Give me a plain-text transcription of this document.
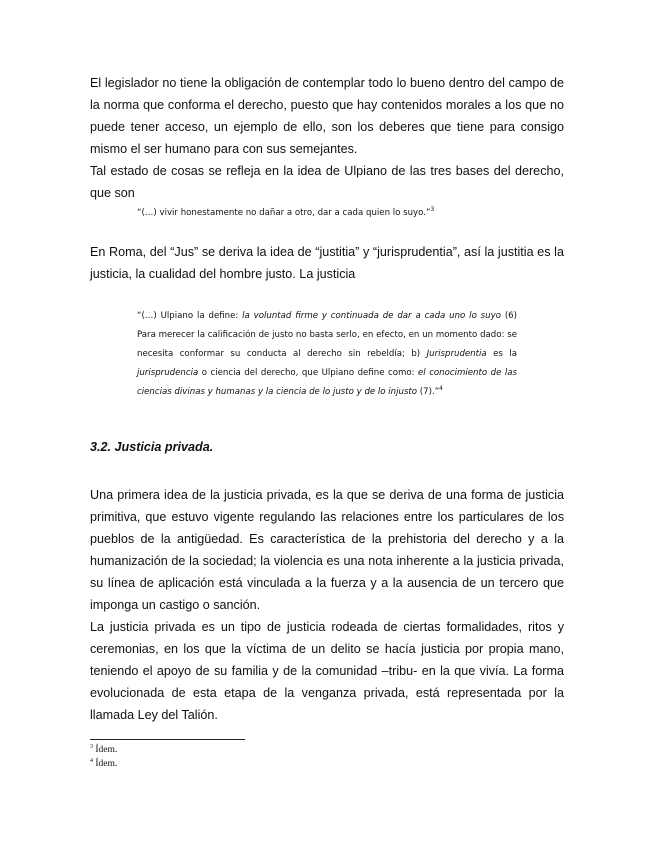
El legislador no tiene la obligación de contemplar todo lo bueno dentro del campo de la norma que conforma el derecho, puesto que hay contenidos morales a los que no puede tener acceso, un ejemplo de ello, son los deberes que tiene para consigo mismo el ser humano para con sus semejantes.

Tal estado de cosas se refleja en la idea de Ulpiano de las tres bases del derecho, que son

“(…) vivir honestamente no dañar a otro, dar a cada quien lo suyo.”$^3$

En Roma, del “Jus” se deriva la idea de “justitia” y “jurisprudentia”, así la justitia es la justicia, la cualidad del hombre justo. La justicia

“(…) Ulpiano la define: la voluntad firme y continuada de dar a cada uno lo suyo (6) Para merecer la calificación de justo no basta serlo, en efecto, en un momento dado: se necesita conformar su conducta al derecho sin rebeldía; b) Jurisprudentia es la jurisprudencia o ciencia del derecho, que Ulpiano define como: el conocimiento de las ciencias divinas y humanas y la ciencia de lo justo y de lo injusto (7).”$^4$

3.2. Justicia privada.

Una primera idea de la justicia privada, es la que se deriva de una forma de justicia primitiva, que estuvo vigente regulando las relaciones entre los particulares de los pueblos de la antigüedad. Es característica de la prehistoria del derecho y a la humanización de la sociedad; la violencia es una nota inherente a la justicia privada, su línea de aplicación está vinculada a la fuerza y a la ausencia de un tercero que imponga un castigo o sanción.

La justicia privada es un tipo de justicia rodeada de ciertas formalidades, ritos y ceremonias, en los que la víctima de un delito se hacía justicia por propia mano, teniendo el apoyo de su familia y de la comunidad –tribu- en la que vivía. La forma evolucionada de esta etapa de la venganza privada, está representada por la llamada Ley del Talión.

$^3$ Ídem.

$^4$ Ídem.
